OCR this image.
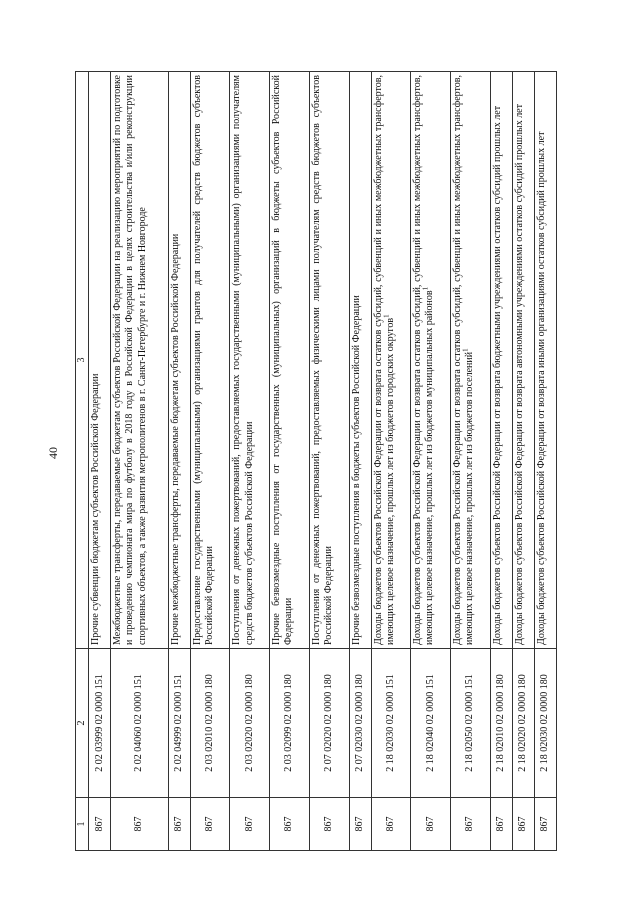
40
1	2	3
867	2 02 03999 02 0000 151	Прочие субвенции бюджетам субъектов Российской Федерации
867	2 02 04060 02 0000 151	Межбюджетные трансферты, передаваемые бюджетам субъектов Российской Федерации на реализацию мероприятий по подготовке и проведению чемпионата мира по футболу в 2018 году в Российской Федерации в целях строительства и/или реконструкции спортивных объектов, а также развития метрополитенов в г. Санкт-Петербурге и г. Нижнем Новгороде
867	2 02 04999 02 0000 151	Прочие межбюджетные трансферты, передаваемые бюджетам субъектов Российской Федерации
867	2 03 02010 02 0000 180	Предоставление государственными (муниципальными) организациями грантов для получателей средств бюджетов субъектов Российской Федерации
867	2 03 02020 02 0000 180	Поступления от денежных пожертвований, предоставляемых государственными (муниципальными) организациями получателям средств бюджетов субъектов Российской Федерации
867	2 03 02099 02 0000 180	Прочие безвозмездные поступления от государственных (муниципальных) организаций в бюджеты субъектов Российской Федерации
867	2 07 02020 02 0000 180	Поступления от денежных пожертвований, предоставляемых физическими лицами получателям средств бюджетов субъектов Российской Федерации
867	2 07 02030 02 0000 180	Прочие безвозмездные поступления в бюджеты субъектов Российской Федерации
867	2 18 02030 02 0000 151	Доходы бюджетов субъектов Российской Федерации от возврата остатков субсидий, субвенций и иных межбюджетных трансфертов, имеющих целевое назначение, прошлых лет из бюджетов городских округов$^1$
867	2 18 02040 02 0000 151	Доходы бюджетов субъектов Российской Федерации от возврата остатков субсидий, субвенций и иных межбюджетных трансфертов, имеющих целевое назначение, прошлых лет из бюджетов муниципальных районов$^1$
867	2 18 02050 02 0000 151	Доходы бюджетов субъектов Российской Федерации от возврата остатков субсидий, субвенций и иных межбюджетных трансфертов, имеющих целевое назначение, прошлых лет из бюджетов поселений$^1$
867	2 18 02010 02 0000 180	Доходы бюджетов субъектов Российской Федерации от возврата бюджетными учреждениями остатков субсидий прошлых лет
867	2 18 02020 02 0000 180	Доходы бюджетов субъектов Российской Федерации от возврата автономными учреждениями остатков субсидий прошлых лет
867	2 18 02030 02 0000 180	Доходы бюджетов субъектов Российской Федерации от возврата иными организациями остатков субсидий прошлых лет
